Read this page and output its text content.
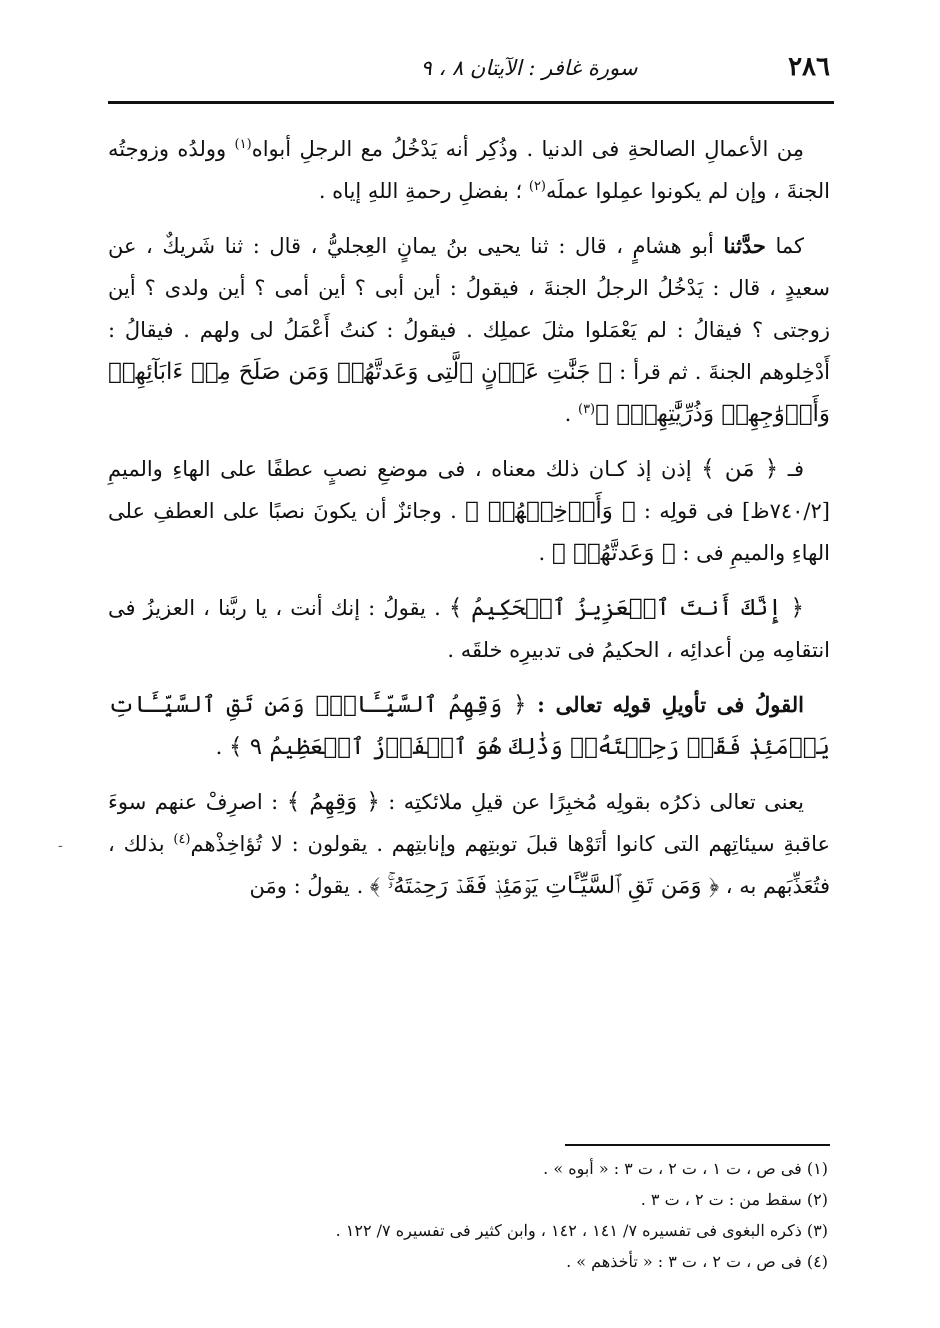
٢٨٦
سورة غافر : الآيتان ٨ ، ٩
-

مِن الأعمالِ الصالحةِ فى الدنيا . وذُكِر أنه يَدْخُلُ مع الرجلِ أبواه$^{(١)}$ وولدُه وزوجتُه الجنةَ ، وإن لم يكونوا عمِلوا عملَه$^{(٢)}$ ؛ بفضلِ رحمةِ اللهِ إياه .

كما حدَّثنا أبو هشامٍ ، قال : ثنا يحيى بنُ يمانٍ العِجليُّ ، قال : ثنا شَريكٌ ، عن سعيدٍ ، قال : يَدْخُلُ الرجلُ الجنةَ ، فيقولُ : أين أبى ؟ أين أمى ؟ أين ولدى ؟ أين زوجتى ؟ فيقالُ : لم يَعْمَلوا مثلَ عملِك . فيقولُ : كنتُ أَعْمَلُ لى ولهم . فيقالُ : أَدْخِلوهم الجنةَ . ثم قرأ : ﴿ جَنَّٰتِ عَدۡنٍ ٱلَّتِى وَعَدتَّهُمۡ وَمَن صَلَحَ مِنۡ ءَابَآئِهِمۡ وَأَزۡوَٰجِهِمۡ وَذُرِّيَّٰتِهِمۡۚ ﴾$^{(٣)}$ .

فـ ﴿ مَن ﴾ إذن إذ كـان ذلك معناه ، فى موضعِ نصبٍ عطفًا على الهاءِ والميمِ [٧٤٠/٢ظ] فى قولِه : ﴿ وَأَدۡخِلۡهُمۡ ﴾ . وجائزٌ أن يكونَ نصبًا على العطفِ على الهاءِ والميمِ فى : ﴿ وَعَدتَّهُمۡ ﴾ .

﴿ إِنَّكَ أَنتَ ٱلۡعَزِيزُ ٱلۡحَكِيمُ ﴾ . يقولُ : إنك أنت ، يا ربَّنا ، العزيزُ فى انتقامِه مِن أعدائِه ، الحكيمُ فى تدبيرِه خلقَه .

القولُ فى تأويلِ قولِه تعالى : ﴿ وَقِهِمُ ٱلسَّيِّـَٔاتِۚ وَمَن تَقِ ٱلسَّيِّـَٔاتِ يَوۡمَئِذٖ فَقَدۡ رَحِمۡتَهُۥۚ وَذَٰلِكَ هُوَ ٱلۡفَوۡزُ ٱلۡعَظِيمُ ٩ ﴾ .

يعنى تعالى ذكرُه بقولِه مُخبِرًا عن قيلِ ملائكتِه : ﴿ وَقِهِمُ ﴾ : اصرِفْ عنهم سوءَ عاقبةِ سيئاتِهم التى كانوا أتَوْها قبلَ توبتِهم وإنابتِهم . يقولون : لا تُؤاخِذْهم$^{(٤)}$ بذلك ، فتُعَذِّبَهم به ، ﴿ وَمَن تَقِ ٱلسَّيِّـَٔاتِ يَوۡمَئِذٖ فَقَدۡ رَحِمۡتَهُۥۚ ﴾ . يقولُ : ومَن

(١) فى ص ، ت ١ ، ت ٢ ، ت ٣ : « أبوه » .

(٢) سقط من : ت ٢ ، ت ٣ .

(٣) ذكره البغوى فى تفسيره ٧/ ١٤١ ، ١٤٢ ، وابن كثير فى تفسيره ٧/ ١٢٢ .

(٤) فى ص ، ت ٢ ، ت ٣ : « تأخذهم » .
